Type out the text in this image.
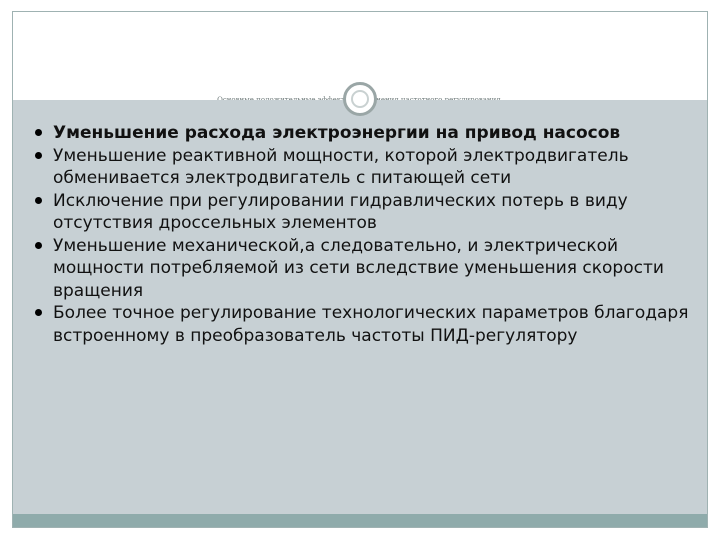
Уменьшение расхода электроэнергии на привод насосов
Уменьшение реактивной мощности, которой электродвигатель обменивается электродвигатель с питающей сети
Исключение при регулировании гидравлических потерь в виду отсутствия дроссельных элементов
Уменьшение механической,а следовательно, и электрической мощности потребляемой из сети вследствие уменьшения скорости вращения
Более точное регулирование технологических параметров благодаря встроенному в преобразователь частоты ПИД-регулятору
